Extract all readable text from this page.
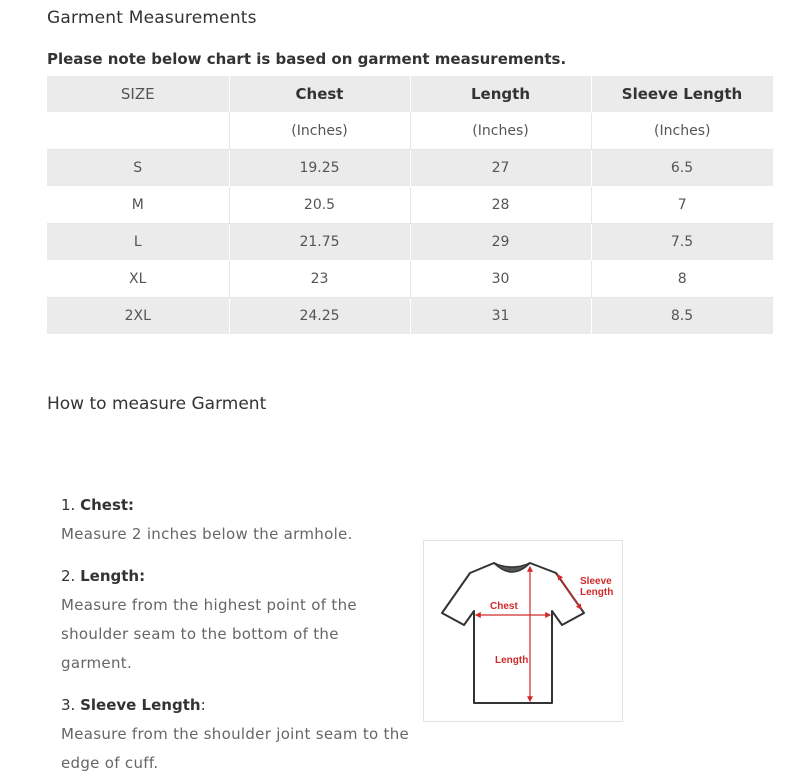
Garment Measurements
Please note below chart is based on garment measurements.
SIZE	Chest	Length	Sleeve Length
	(Inches)	(Inches)	(Inches)
S	19.25	27	6.5
M	20.5	28	7
L	21.75	29	7.5
XL	23	30	8
2XL	24.25	31	8.5
How to measure Garment

1. Chest:

Measure 2 inches below the armhole.

2. Length:

Measure from the highest point of the shoulder seam to the bottom of the garment.

3. Sleeve Length:

Measure from the shoulder joint seam to the edge of cuff.

Chest
Length
Sleeve
Length
